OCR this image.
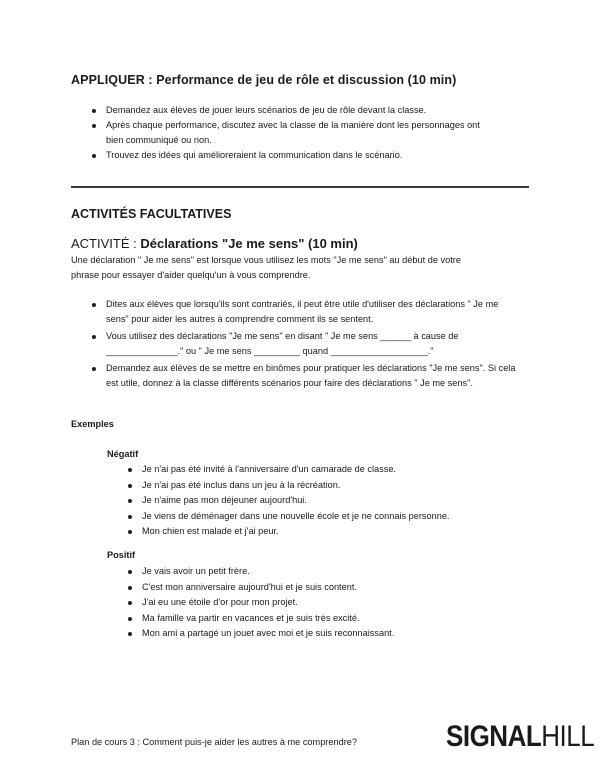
APPLIQUER : Performance de jeu de rôle et discussion (10 min)
Demandez aux élèves de jouer leurs scénarios de jeu de rôle devant la classe.
Après chaque performance, discutez avec la classe de la manière dont les personnages ont bien communiqué ou non.
Trouvez des idées qui amélioreraient la communication dans le scénario.
ACTIVITÉS FACULTATIVES
ACTIVITÉ : Déclarations "Je me sens" (10 min)
Une déclaration " Je me sens" est lorsque vous utilisez les mots "Je me sens" au début de votre phrase pour essayer d'aider quelqu'un à vous comprendre.
Dites aux élèves que lorsqu'ils sont contrariés, il peut être utile d'utiliser des déclarations " Je me sens" pour aider les autres à comprendre comment ils se sentent.
Vous utilisez des déclarations "Je me sens" en disant " Je me sens ______ à cause de ______________." ou " Je me sens _________ quand ___________________."
Demandez aux élèves de se mettre en binômes pour pratiquer les déclarations "Je me sens". Si cela est utile, donnez à la classe différents scénarios pour faire des déclarations " Je me sens".
Exemples
Négatif
Je n'ai pas été invité à l'anniversaire d'un camarade de classe.
Je n'ai pas été inclus dans un jeu à la récréation.
Je n'aime pas mon déjeuner aujourd'hui.
Je viens de déménager dans une nouvelle école et je ne connais personne.
Mon chien est malade et j'ai peur.
Positif
Je vais avoir un petit frère.
C'est mon anniversaire aujourd'hui et je suis content.
J'ai eu une étoile d'or pour mon projet.
Ma famille va partir en vacances et je suis très excité.
Mon ami a partagé un jouet avec moi et je suis reconnaissant.
Plan de cours 3 : Comment puis-je aider les autres à me comprendre?	SIGNALHILL
